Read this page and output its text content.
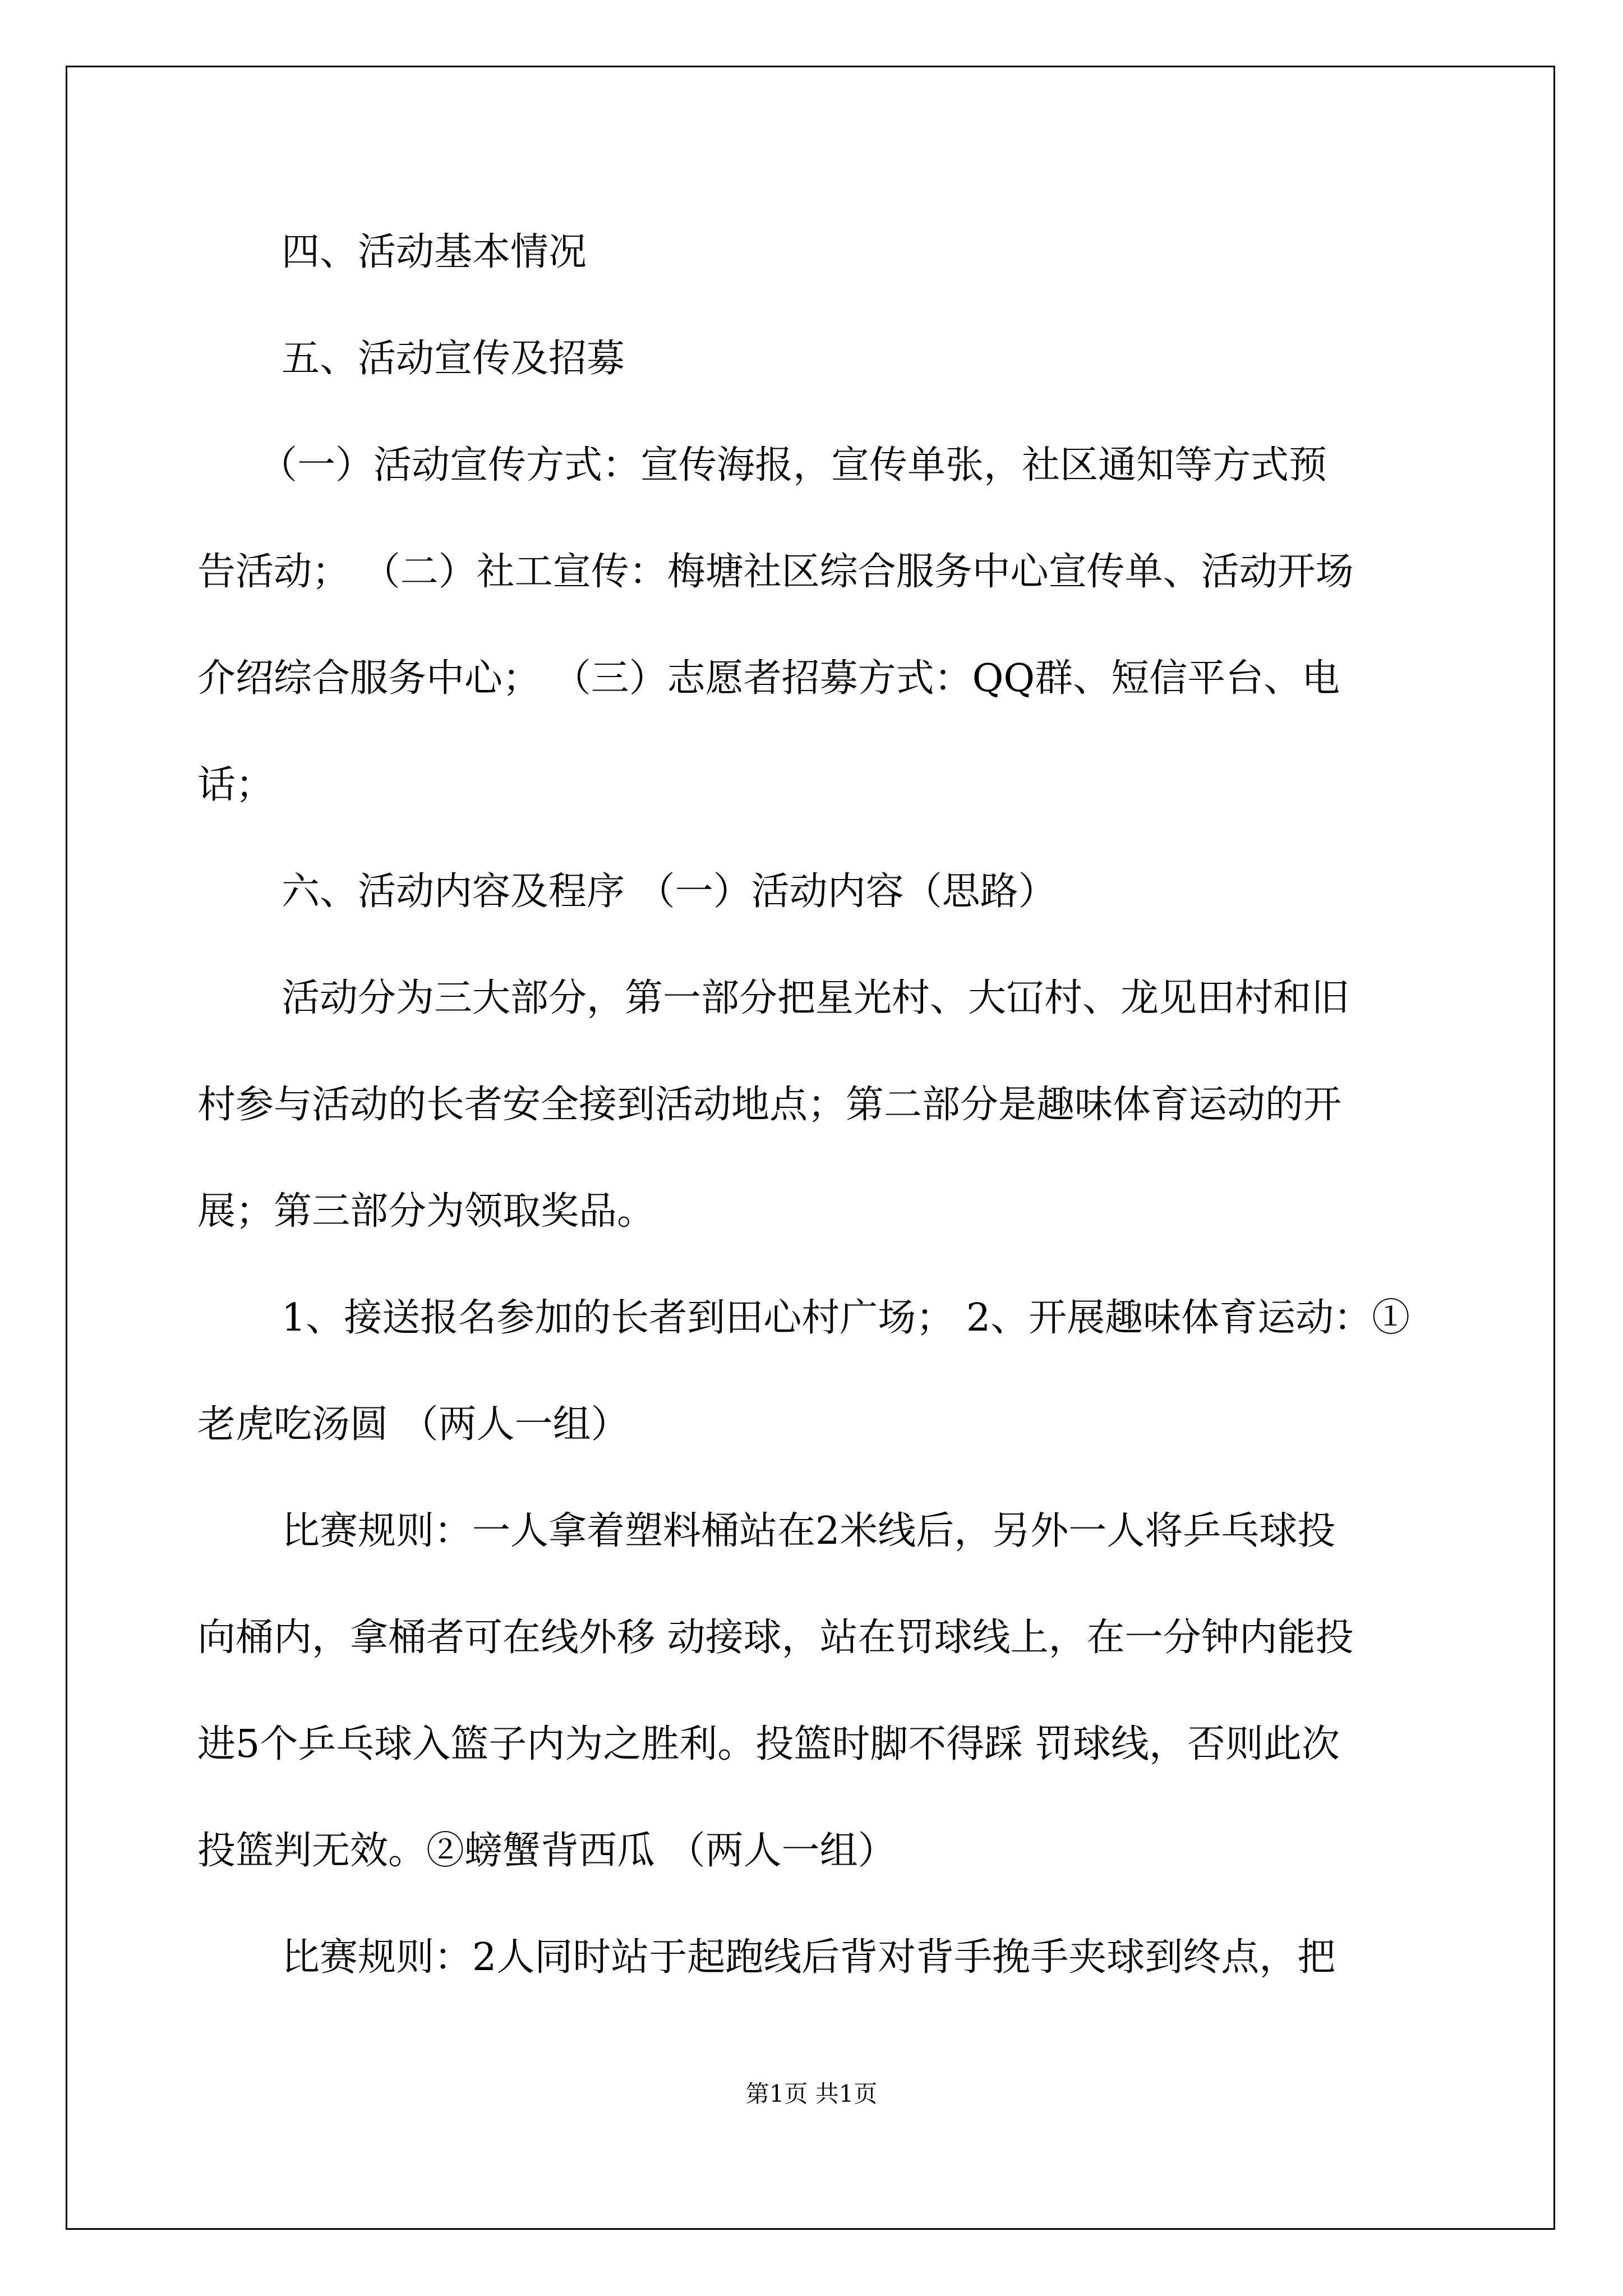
四、活动基本情况
五、活动宣传及招募
（一）活动宣传方式：宣传海报，宣传单张，社区通知等方式预
告活动； （二）社工宣传：梅塘社区综合服务中心宣传单、活动开场
介绍综合服务中心； （三）志愿者招募方式：QQ群、短信平台、电
话；
六、活动内容及程序 （一）活动内容（思路）
活动分为三大部分，第一部分把星光村、大冚村、龙见田村和旧
村参与活动的长者安全接到活动地点；第二部分是趣味体育运动的开
展；第三部分为领取奖品。
1、接送报名参加的长者到田心村广场； 2、开展趣味体育运动：①
老虎吃汤圆 （两人一组）
比赛规则：一人拿着塑料桶站在2米线后，另外一人将乒乓球投
向桶内，拿桶者可在线外移 动接球，站在罚球线上，在一分钟内能投
进5个乒乓球入篮子内为之胜利。投篮时脚不得踩 罚球线，否则此次
投篮判无效。②螃蟹背西瓜 （两人一组）
比赛规则：2人同时站于起跑线后背对背手挽手夹球到终点，把
第1页 共1页
